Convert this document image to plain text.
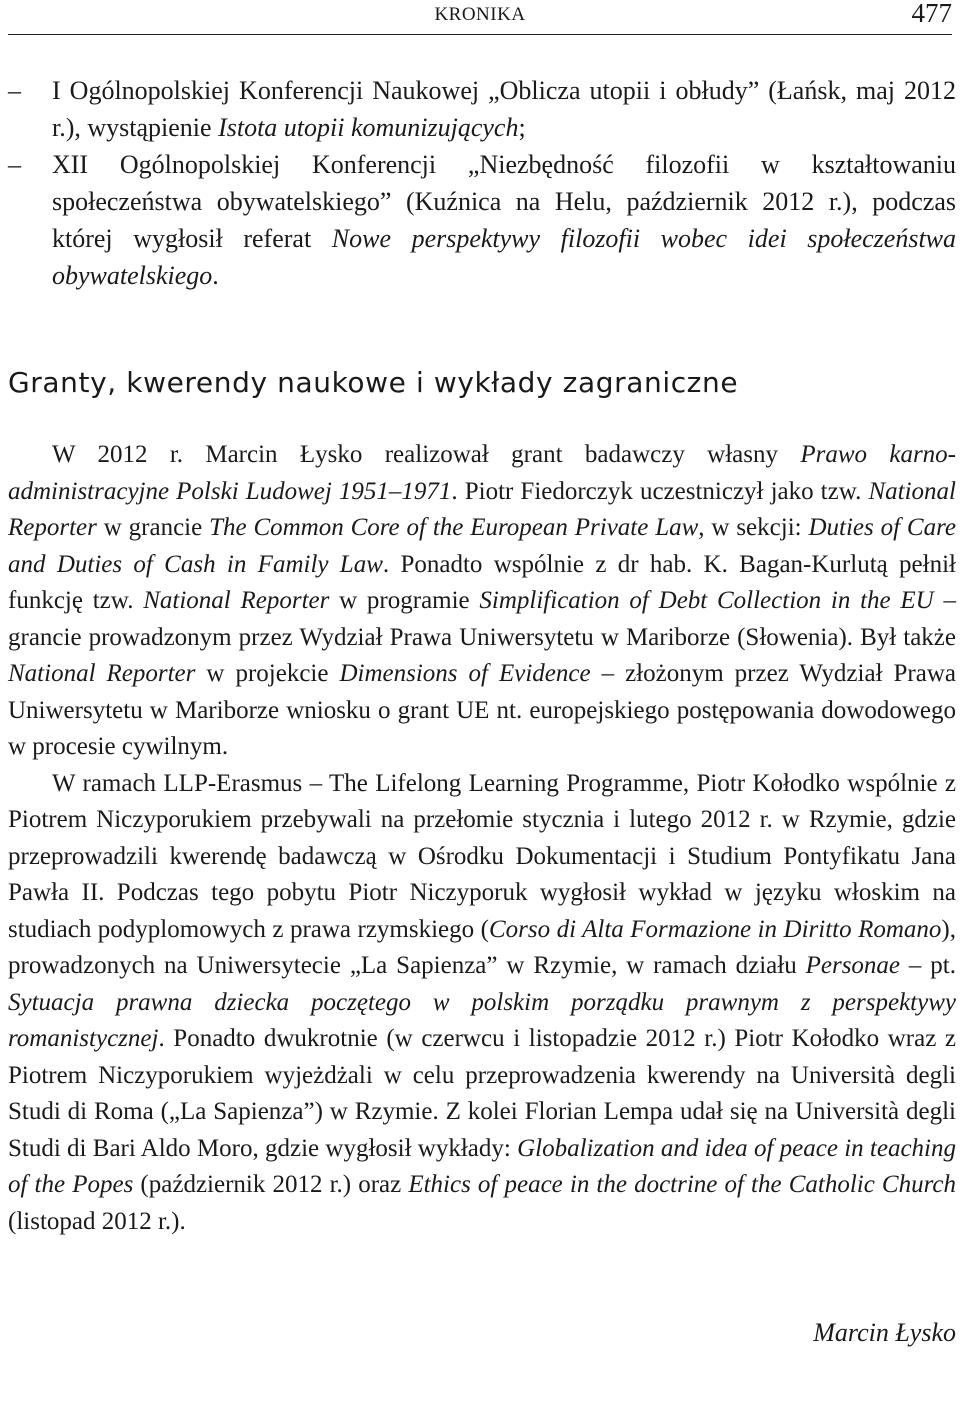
KRONIKA	477
– I Ogólnopolskiej Konferencji Naukowej „Oblicza utopii i obłudy” (Łańsk, maj 2012 r.), wystąpienie Istota utopii komunizujących;
– XII Ogólnopolskiej Konferencji „Niezbędność filozofii w kształtowaniu społeczeństwa obywatelskiego” (Kuźnica na Helu, październik 2012 r.), podczas której wygłosił referat Nowe perspektywy filozofii wobec idei społeczeństwa obywatelskiego.
Granty, kwerendy naukowe i wykłady zagraniczne

W 2012 r. Marcin Łysko realizował grant badawczy własny Prawo karno-administracyjne Polski Ludowej 1951–1971. Piotr Fiedorczyk uczestniczył jako tzw. National Reporter w grancie The Common Core of the European Private Law, w sekcji: Duties of Care and Duties of Cash in Family Law. Ponadto wspólnie z dr hab. K. Bagan-Kurlutą pełnił funkcję tzw. National Reporter w programie Simplification of Debt Collection in the EU – grancie prowadzonym przez Wydział Prawa Uniwersytetu w Mariborze (Słowenia). Był także National Reporter w projekcie Dimensions of Evidence – złożonym przez Wydział Prawa Uniwersytetu w Mariborze wniosku o grant UE nt. europejskiego postępowania dowodowego w procesie cywilnym.

W ramach LLP-Erasmus – The Lifelong Learning Programme, Piotr Kołodko wspólnie z Piotrem Niczyporukiem przebywali na przełomie stycznia i lutego 2012 r. w Rzymie, gdzie przeprowadzili kwerendę badawczą w Ośrodku Dokumentacji i Studium Pontyfikatu Jana Pawła II. Podczas tego pobytu Piotr Niczyporuk wygłosił wykład w języku włoskim na studiach podyplomowych z prawa rzymskiego (Corso di Alta Formazione in Diritto Romano), prowadzonych na Uniwersytecie „La Sapienza” w Rzymie, w ramach działu Personae – pt. Sytuacja prawna dziecka poczętego w polskim porządku prawnym z perspektywy romanistycznej. Ponadto dwukrotnie (w czerwcu i listopadzie 2012 r.) Piotr Kołodko wraz z Piotrem Niczyporukiem wyjeżdżali w celu przeprowadzenia kwerendy na Università degli Studi di Roma („La Sapienza”) w Rzymie. Z kolei Florian Lempa udał się na Università degli Studi di Bari Aldo Moro, gdzie wygłosił wykłady: Globalization and idea of peace in teaching of the Popes (październik 2012 r.) oraz Ethics of peace in the doctrine of the Catholic Church (listopad 2012 r.).

Marcin Łysko
